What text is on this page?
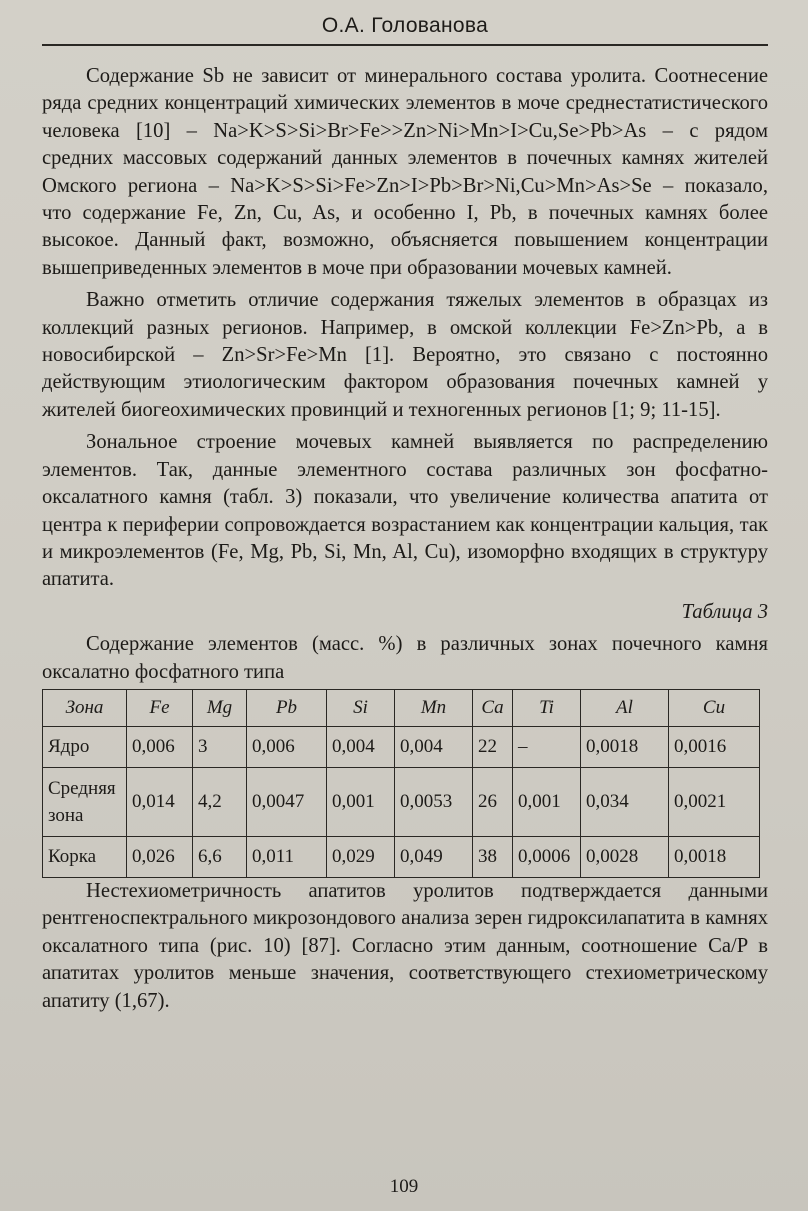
О.А. Голованова

Содержание Sb не зависит от минерального состава уролита. Соотнесение ряда средних концентраций химических элементов в моче среднестатистического человека [10] – Na>K>S>Si>Br>Fe>>Zn>Ni>Mn>I>Cu,Se>Pb>As – с рядом средних массовых содержаний данных элементов в почечных камнях жителей Омского региона – Na>K>S>Si>Fe>Zn>I>Pb>Br>Ni,Cu>Mn>As>Se – показало, что содержание Fe, Zn, Cu, As, и особенно I, Pb, в почечных камнях более высокое. Данный факт, возможно, объясняется повышением концентрации вышеприведенных элементов в моче при образовании мочевых камней.

Важно отметить отличие содержания тяжелых элементов в образцах из коллекций разных регионов. Например, в омской коллекции Fe>Zn>Pb, а в новосибирской – Zn>Sr>Fe>Mn [1]. Вероятно, это связано с постоянно действующим этиологическим фактором образования почечных камней у жителей биогеохимических провинций и техногенных регионов [1; 9; 11-15].

Зональное строение мочевых камней выявляется по распределению элементов. Так, данные элементного состава различных зон фосфатно-оксалатного камня (табл. 3) показали, что увеличение количества апатита от центра к периферии сопровождается возрастанием как концентрации кальция, так и микроэлементов (Fe, Mg, Pb, Si, Mn, Al, Cu), изоморфно входящих в структуру апатита.

Таблица 3

Содержание элементов (масс. %) в различных зонах почечного камня оксалатно фосфатного типа

Зона	Fe	Mg	Pb	Si	Mn	Ca	Ti	Al	Cu
Ядро	0,006	3	0,006	0,004	0,004	22	–	0,0018	0,0016
Средняя зона	0,014	4,2	0,0047	0,001	0,0053	26	0,001	0,034	0,0021
Корка	0,026	6,6	0,011	0,029	0,049	38	0,0006	0,0028	0,0018

Нестехиометричность апатитов уролитов подтверждается данными рентгеноспектрального микрозондового анализа зерен гидроксилапатита в камнях оксалатного типа (рис. 10) [87]. Согласно этим данным, соотношение Ca/P в апатитах уролитов меньше значения, соответствующего стехиометрическому апатиту (1,67).

109
